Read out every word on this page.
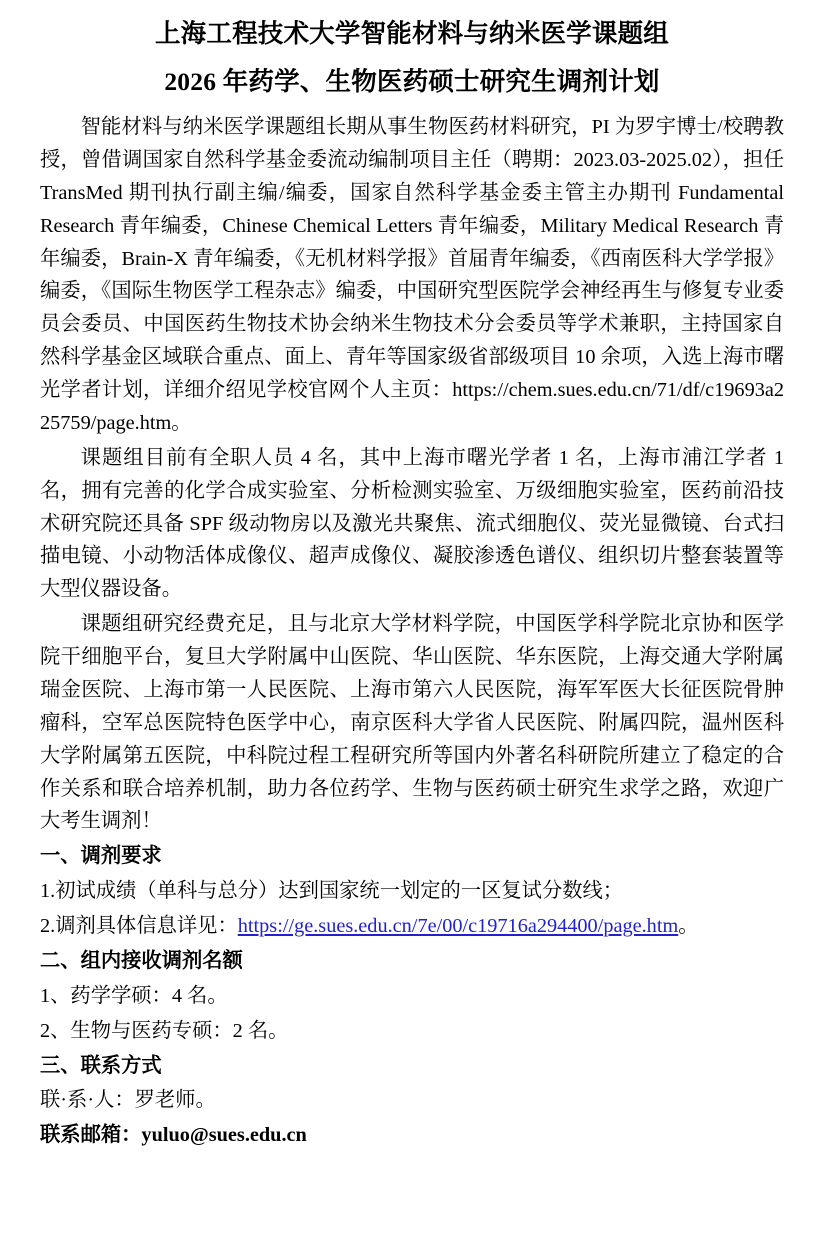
上海工程技术大学智能材料与纳米医学课题组
2026 年药学、生物医药硕士研究生调剂计划

智能材料与纳米医学课题组长期从事生物医药材料研究，PI 为罗宇博士/校聘教授，曾借调国家自然科学基金委流动编制项目主任（聘期：2023.03-2025.02），担任 TransMed 期刊执行副主编/编委，国家自然科学基金委主管主办期刊 Fundamental Research 青年编委，Chinese Chemical Letters 青年编委，Military Medical Research 青年编委，Brain-X 青年编委，《无机材料学报》首届青年编委，《西南医科大学学报》编委，《国际生物医学工程杂志》编委，中国研究型医院学会神经再生与修复专业委员会委员、中国医药生物技术协会纳米生物技术分会委员等学术兼职，主持国家自然科学基金区域联合重点、面上、青年等国家级省部级项目 10 余项，入选上海市曙光学者计划，详细介绍见学校官网个人主页：https://chem.sues.edu.cn/71/df/c19693a225759/page.htm。

课题组目前有全职人员 4 名，其中上海市曙光学者 1 名，上海市浦江学者 1 名，拥有完善的化学合成实验室、分析检测实验室、万级细胞实验室，医药前沿技术研究院还具备 SPF 级动物房以及激光共聚焦、流式细胞仪、荧光显微镜、台式扫描电镜、小动物活体成像仪、超声成像仪、凝胶渗透色谱仪、组织切片整套装置等大型仪器设备。

课题组研究经费充足，且与北京大学材料学院，中国医学科学院北京协和医学院干细胞平台，复旦大学附属中山医院、华山医院、华东医院，上海交通大学附属瑞金医院、上海市第一人民医院、上海市第六人民医院，海军军医大长征医院骨肿瘤科，空军总医院特色医学中心，南京医科大学省人民医院、附属四院，温州医科大学附属第五医院，中科院过程工程研究所等国内外著名科研院所建立了稳定的合作关系和联合培养机制，助力各位药学、生物与医药硕士研究生求学之路，欢迎广大考生调剂！

一、调剂要求

1.初试成绩（单科与总分）达到国家统一划定的一区复试分数线；

2.调剂具体信息详见：https://ge.sues.edu.cn/7e/00/c19716a294400/page.htm。

二、组内接收调剂名额

1、药学学硕：4 名。

2、生物与医药专硕：2 名。

三、联系方式

联·系·人：罗老师。

联系邮箱：yuluo@sues.edu.cn
